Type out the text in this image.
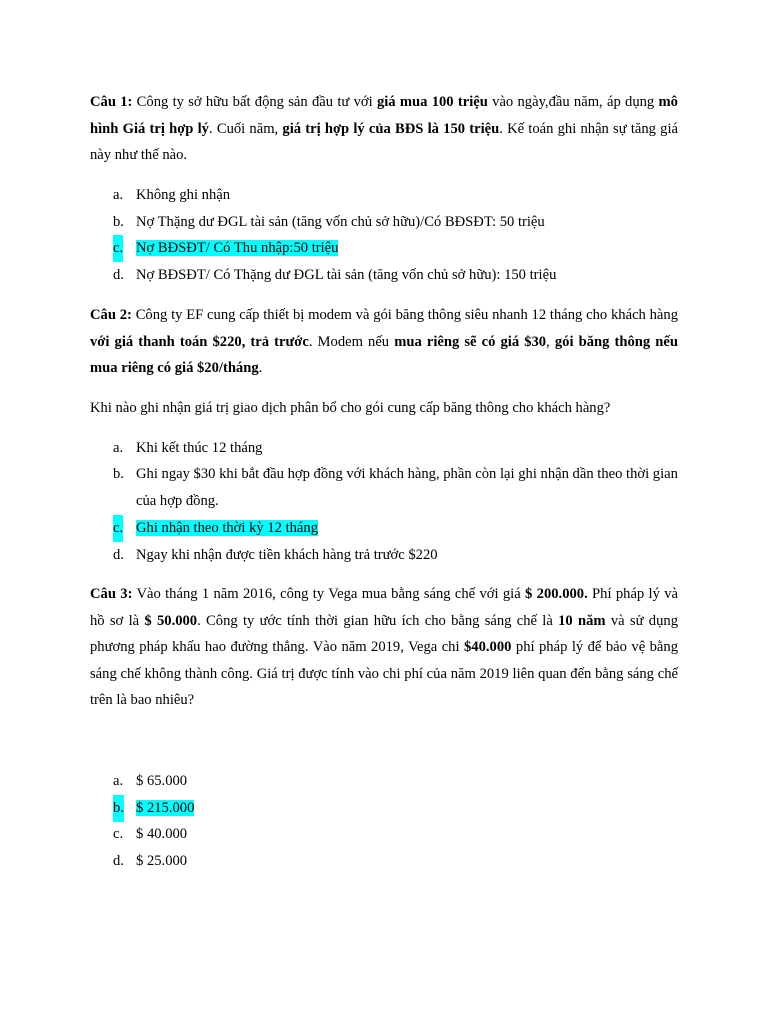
Câu 1: Công ty sở hữu bất động sản đầu tư với giá mua 100 triệu vào ngày,đầu năm, áp dụng mô hình Giá trị hợp lý. Cuối năm, giá trị hợp lý của BĐS là 150 triệu. Kế toán ghi nhận sự tăng giá này như thế nào.

a. Không ghi nhận
b. Nợ Thặng dư ĐGL tài sản (tăng vốn chủ sở hữu)/Có BĐSĐT: 50 triệu
c. Nợ BĐSĐT/ Có Thu nhập:50 triệu
d. Nợ BĐSĐT/ Có Thặng dư ĐGL tài sản (tăng vốn chủ sở hữu): 150 triệu

Câu 2: Công ty EF cung cấp thiết bị modem và gói băng thông siêu nhanh 12 tháng cho khách hàng với giá thanh toán $220, trả trước. Modem nếu mua riêng sẽ có giá $30, gói băng thông nếu mua riêng có giá $20/tháng.

Khi nào ghi nhận giá trị giao dịch phân bổ cho gói cung cấp băng thông cho khách hàng?

a. Khi kết thúc 12 tháng
b. Ghi ngay $30 khi bắt đầu hợp đồng với khách hàng, phần còn lại ghi nhận dần theo thời gian của hợp đồng.
c. Ghi nhận theo thời kỳ 12 tháng
d. Ngay khi nhận được tiền khách hàng trả trước $220

Câu 3: Vào tháng 1 năm 2016, công ty Vega mua bằng sáng chế với giá $ 200.000. Phí pháp lý và hồ sơ là $ 50.000. Công ty ước tính thời gian hữu ích cho bằng sáng chế là 10 năm và sử dụng phương pháp khấu hao đường thẳng. Vào năm 2019, Vega chi $40.000 phí pháp lý để bảo vệ bằng sáng chế không thành công. Giá trị được tính vào chi phí của năm 2019 liên quan đến bằng sáng chế trên là bao nhiêu?

a. $ 65.000
b. $ 215.000
c. $ 40.000
d. $ 25.000
